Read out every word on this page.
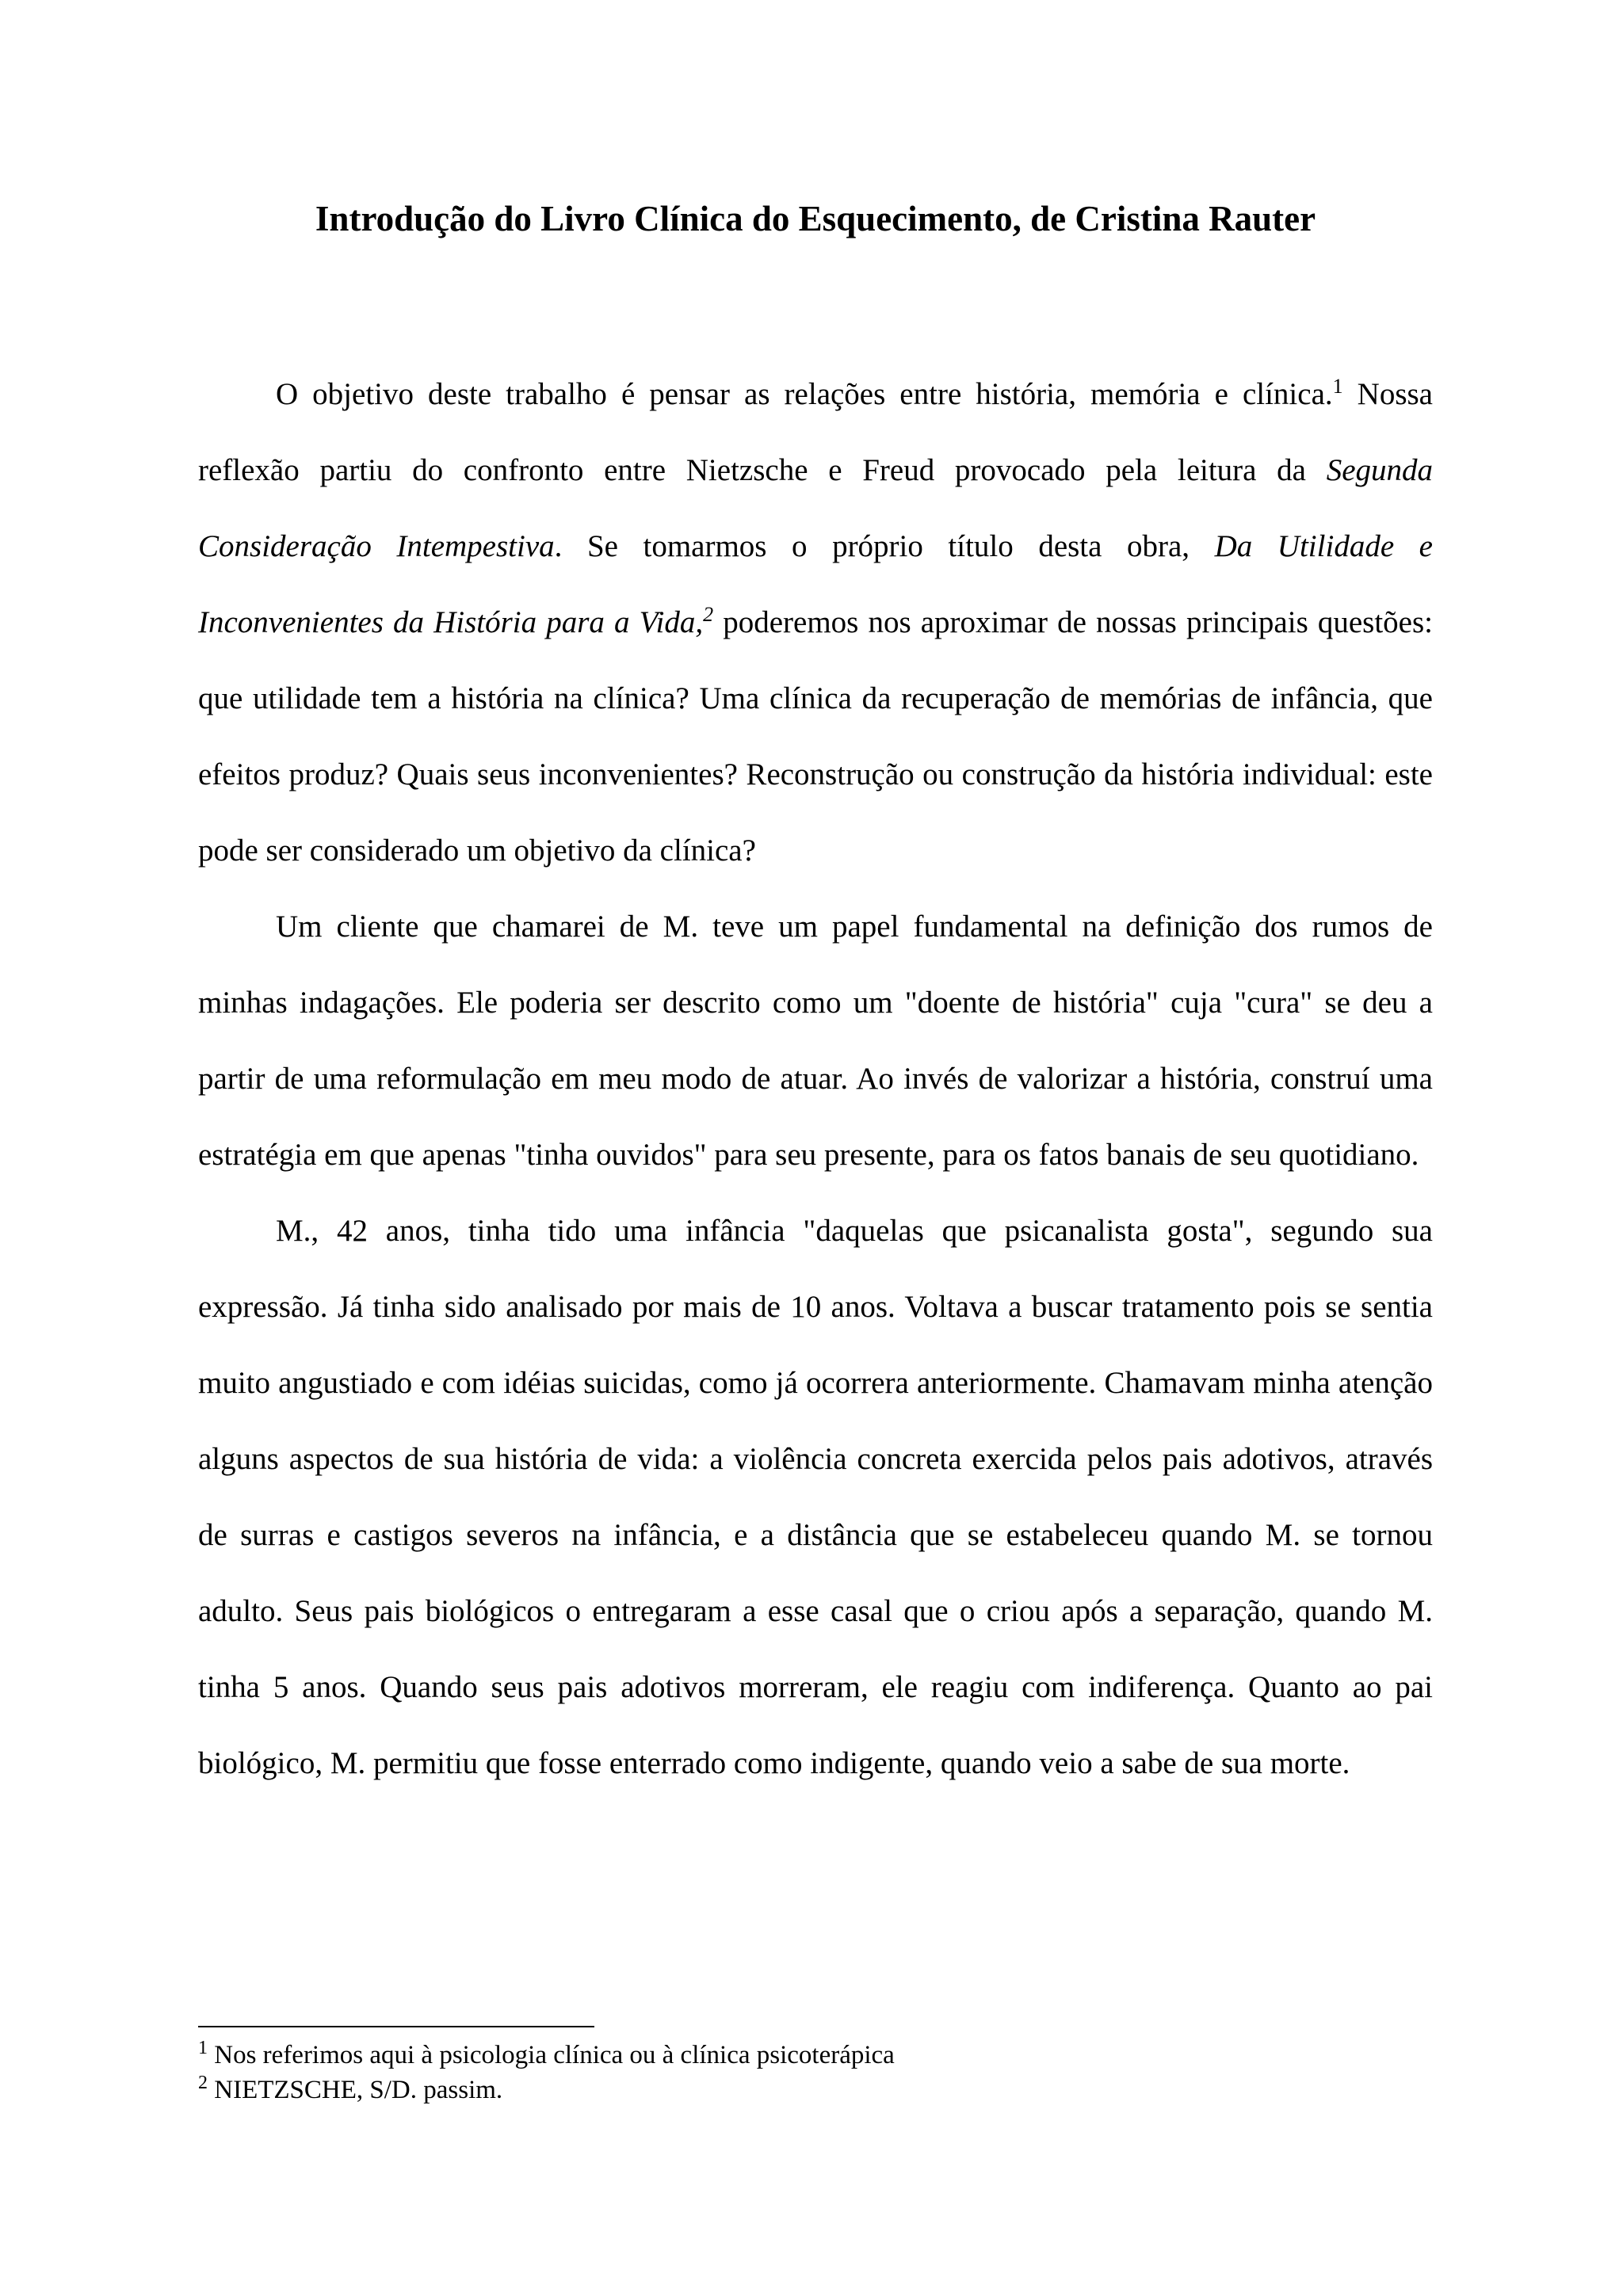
Introdução do Livro Clínica do Esquecimento, de Cristina Rauter

O objetivo deste trabalho é pensar as relações entre história, memória e clínica.$^1$ Nossa reflexão partiu do confronto entre Nietzsche e Freud provocado pela leitura da Segunda Consideração Intempestiva. Se tomarmos o próprio título desta obra, Da Utilidade e Inconvenientes da História para a Vida,$^2$ poderemos nos aproximar de nossas principais questões: que utilidade tem a história na clínica? Uma clínica da recuperação de memórias de infância, que efeitos produz? Quais seus inconvenientes? Reconstrução ou construção da história individual: este pode ser considerado um objetivo da clínica?

Um cliente que chamarei de M. teve um papel fundamental na definição dos rumos de minhas indagações. Ele poderia ser descrito como um "doente de história" cuja "cura" se deu a partir de uma reformulação em meu modo de atuar. Ao invés de valorizar a história, construí uma estratégia em que apenas "tinha ouvidos" para seu presente, para os fatos banais de seu quotidiano.

M., 42 anos, tinha tido uma infância "daquelas que psicanalista gosta", segundo sua expressão. Já tinha sido analisado por mais de 10 anos. Voltava a buscar tratamento pois se sentia muito angustiado e com idéias suicidas, como já ocorrera anteriormente. Chamavam minha atenção alguns aspectos de sua história de vida: a violência concreta exercida pelos pais adotivos, através de surras e castigos severos na infância, e a distância que se estabeleceu quando M. se tornou adulto. Seus pais biológicos o entregaram a esse casal que o criou após a separação, quando M. tinha 5 anos. Quando seus pais adotivos morreram, ele reagiu com indiferença. Quanto ao pai biológico, M. permitiu que fosse enterrado como indigente, quando veio a sabe de sua morte.

$^1$ Nos referimos aqui à psicologia clínica ou à clínica psicoterápica

$^2$ NIETZSCHE, S/D. passim.
